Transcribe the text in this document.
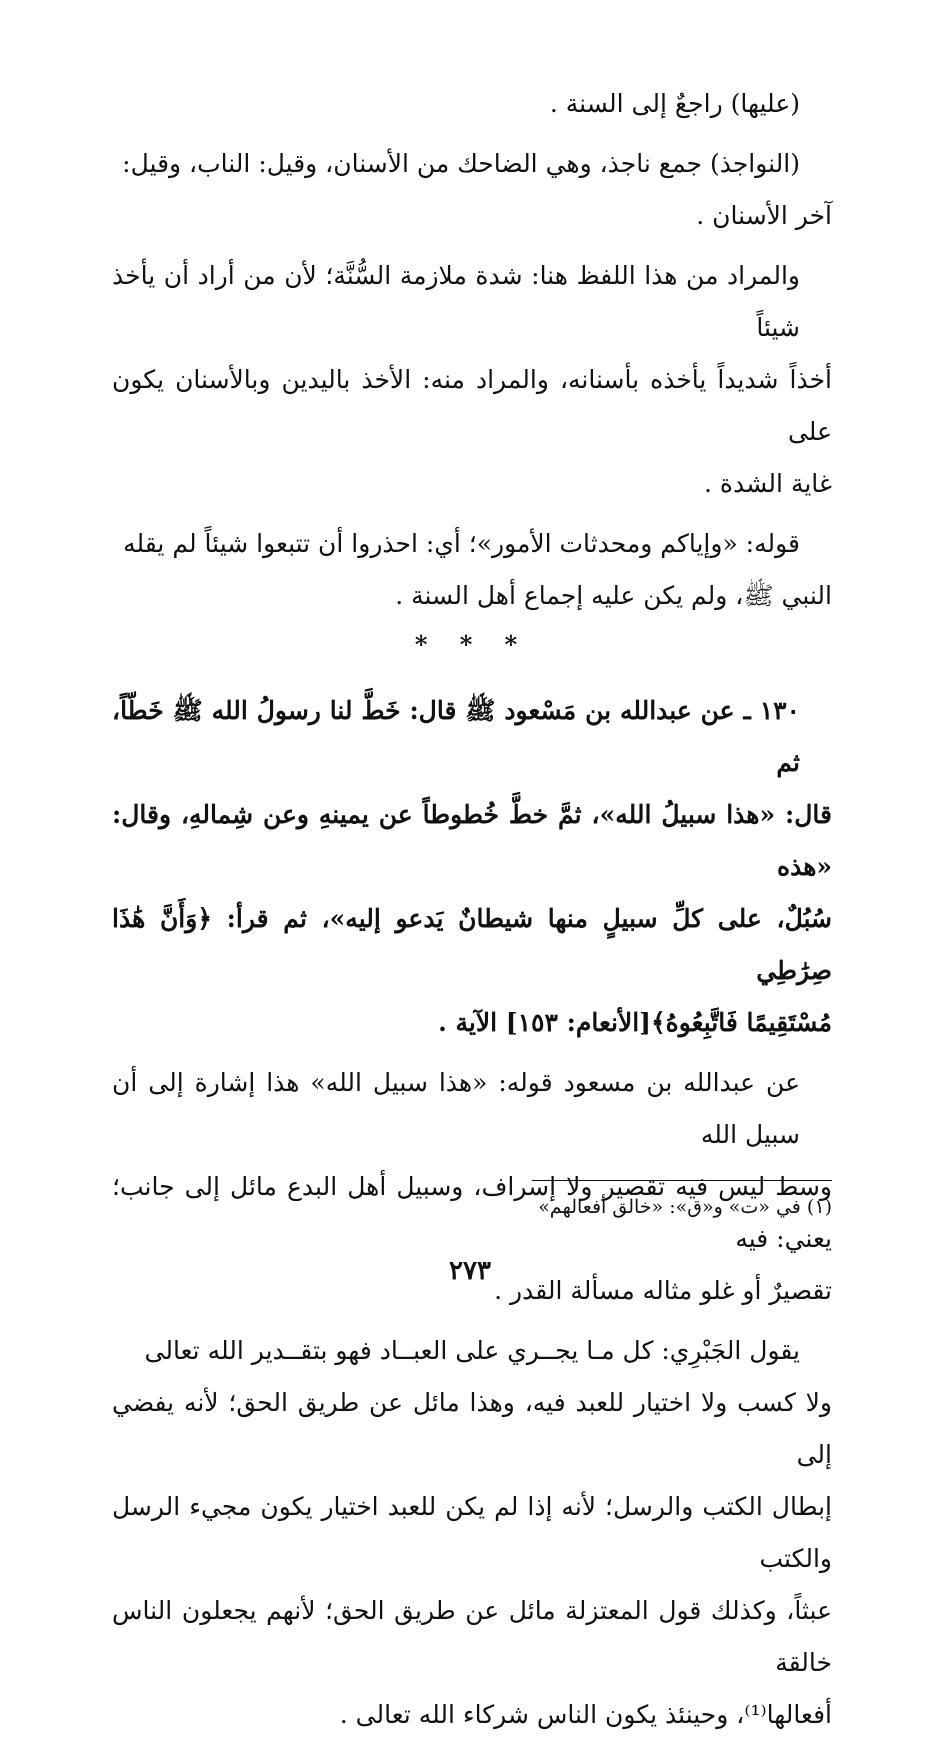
(عليها) راجعٌ إلى السنة .
(النواجذ) جمع ناجذ، وهي الضاحك من الأسنان، وقيل: الناب، وقيل:
آخر الأسنان .
والمراد من هذا اللفظ هنا: شدة ملازمة السُّنَّة؛ لأن من أراد أن يأخذ شيئاً
أخذاً شديداً يأخذه بأسنانه، والمراد منه: الأخذ باليدين وبالأسنان يكون على
غاية الشدة .
قوله: «وإياكم ومحدثات الأمور»؛ أي: احذروا أن تتبعوا شيئاً لم يقله
النبي ﷺ، ولم يكن عليه إجماع أهل السنة .
* * *
١٣٠ ـ عن عبدالله بن مَسْعود ﷺ قال: خَطَّ لنا رسولُ الله ﷺ خَطّاً، ثم
قال: «هذا سبيلُ الله»، ثمَّ خطَّ خُطوطاً عن يمينهِ وعن شِمالهِ، وقال: «هذه
سُبُلٌ، على كلِّ سبيلٍ منها شيطانٌ يَدعو إليه»، ثم قرأ: ﴿وَأَنَّ هَٰذَا صِرَٰطِي
مُسْتَقِيمًا فَاتَّبِعُوهُ﴾[الأنعام: ١٥٣] الآية .
عن عبدالله بن مسعود قوله: «هذا سبيل الله» هذا إشارة إلى أن سبيل الله
وسط ليس فيه تقصير ولا إسراف، وسبيل أهل البدع مائل إلى جانب؛ يعني: فيه
تقصيرٌ أو غلو مثاله مسألة القدر .
يقول الجَبْرِي: كل مـا يجــري على العبــاد فهو بتقــدير الله تعالى
ولا كسب ولا اختيار للعبد فيه، وهذا مائل عن طريق الحق؛ لأنه يفضي إلى
إبطال الكتب والرسل؛ لأنه إذا لم يكن للعبد اختيار يكون مجيء الرسل والكتب
عبثاً، وكذلك قول المعتزلة مائل عن طريق الحق؛ لأنهم يجعلون الناس خالقة
أفعالها⁽¹⁾، وحينئذ يكون الناس شركاء الله تعالى .
(١) في «ت» و«ق»: «خالق أفعالهم»
٢٧٣
